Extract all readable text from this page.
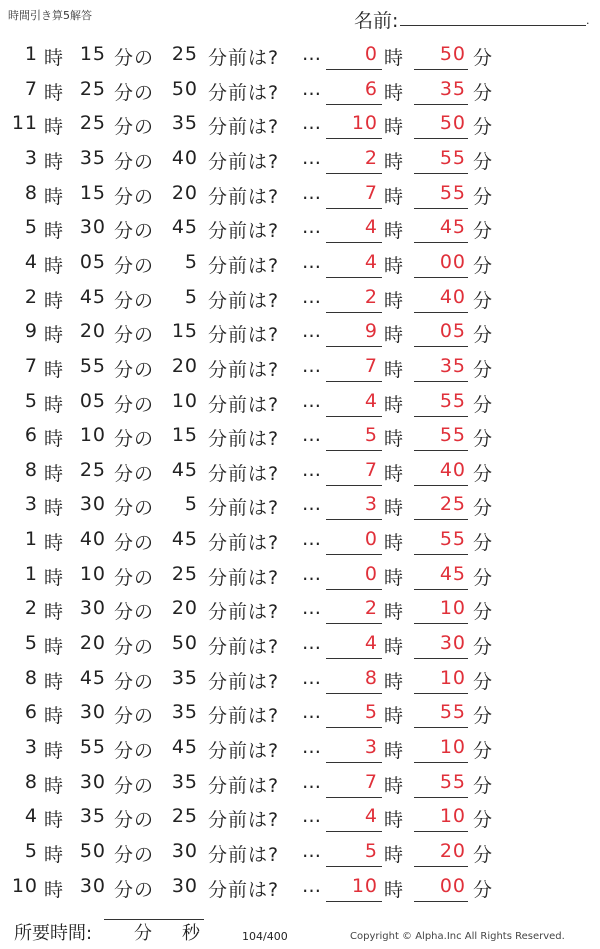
時間引き算5解答	名前:	.
1 時 15 分の 25 分前は? …	0 時	50 分
7 時 25 分の 50 分前は? …	6 時	35 分
11 時 25 分の 35 分前は? …	10 時	50 分
3 時 35 分の 40 分前は? …	2 時	55 分
8 時 15 分の 20 分前は? …	7 時	55 分
5 時 30 分の 45 分前は? …	4 時	45 分
4 時 05 分の	5 分前は? …	4 時	00 分
2 時 45 分の	5 分前は? …	2 時	40 分
9 時 20 分の 15 分前は? …	9 時	05 分
7 時 55 分の 20 分前は? …	7 時	35 分
5 時 05 分の 10 分前は? …	4 時	55 分
6 時 10 分の 15 分前は? …	5 時	55 分
8 時 25 分の 45 分前は? …	7 時	40 分
3 時 30 分の	5 分前は? …	3 時	25 分
1 時 40 分の 45 分前は? …	0 時	55 分
1 時 10 分の 25 分前は? …	0 時	45 分
2 時 30 分の 20 分前は? …	2 時	10 分
5 時 20 分の 50 分前は? …	4 時	30 分
8 時 45 分の 35 分前は? …	8 時	10 分
6 時 30 分の 35 分前は? …	5 時	55 分
3 時 55 分の 45 分前は? …	3 時	10 分
8 時 30 分の 35 分前は? …	7 時	55 分
4 時 35 分の 25 分前は? …	4 時	10 分
5 時 50 分の 30 分前は? …	5 時	20 分
10 時 30 分の 30 分前は? …	10 時	00 分
所要時間: 分 秒	104/400	Copyright © Alpha.Inc All Rights Reserved.
